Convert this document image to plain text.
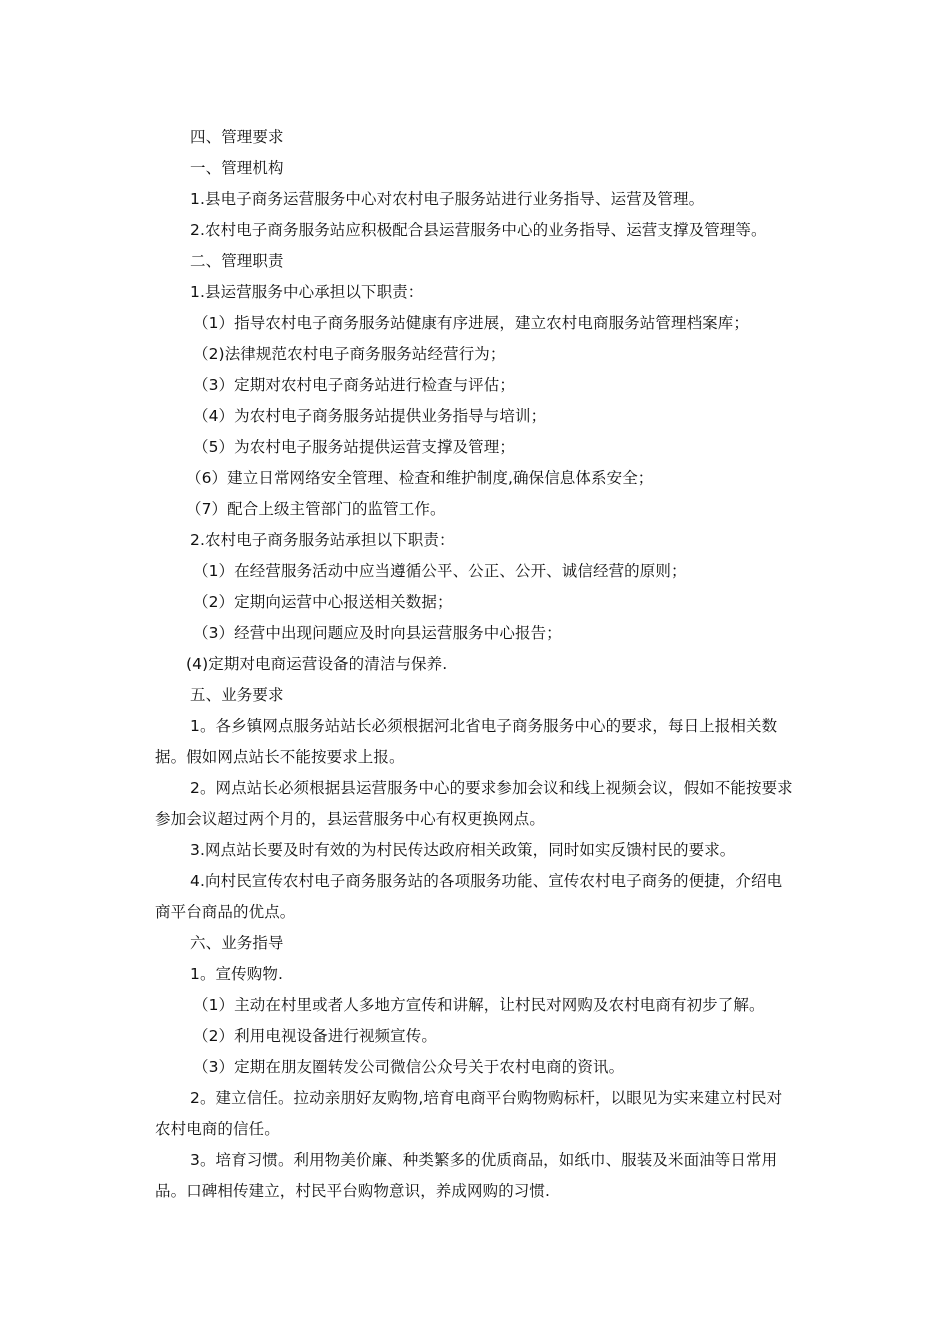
四、管理要求
一、管理机构
1.县电子商务运营服务中心对农村电子服务站进行业务指导、运营及管理。
2.农村电子商务服务站应积极配合县运营服务中心的业务指导、运营支撑及管理等。
二、管理职责
1.县运营服务中心承担以下职责：
（1）指导农村电子商务服务站健康有序进展，建立农村电商服务站管理档案库；
（2)法律规范农村电子商务服务站经营行为；
（3）定期对农村电子商务站进行检查与评估；
（4）为农村电子商务服务站提供业务指导与培训；
（5）为农村电子服务站提供运营支撑及管理；
（6）建立日常网络安全管理、检查和维护制度,确保信息体系安全；
（7）配合上级主管部门的监管工作。
2.农村电子商务服务站承担以下职责：
（1）在经营服务活动中应当遵循公平、公正、公开、诚信经营的原则；
（2）定期向运营中心报送相关数据；
（3）经营中出现问题应及时向县运营服务中心报告；
(4)定期对电商运营设备的清洁与保养.
五、业务要求
1。各乡镇网点服务站站长必须根据河北省电子商务服务中心的要求，每日上报相关数据。假如网点站长不能按要求上报。
2。网点站长必须根据县运营服务中心的要求参加会议和线上视频会议，假如不能按要求参加会议超过两个月的，县运营服务中心有权更换网点。
3.网点站长要及时有效的为村民传达政府相关政策，同时如实反馈村民的要求。
4.向村民宣传农村电子商务服务站的各项服务功能、宣传农村电子商务的便捷，介绍电商平台商品的优点。
六、业务指导
1。宣传购物.
（1）主动在村里或者人多地方宣传和讲解，让村民对网购及农村电商有初步了解。
（2）利用电视设备进行视频宣传。
（3）定期在朋友圈转发公司微信公众号关于农村电商的资讯。
2。建立信任。拉动亲朋好友购物,培育电商平台购物购标杆，以眼见为实来建立村民对农村电商的信任。
3。培育习惯。利用物美价廉、种类繁多的优质商品，如纸巾、服装及米面油等日常用品。口碑相传建立，村民平台购物意识，养成网购的习惯.
